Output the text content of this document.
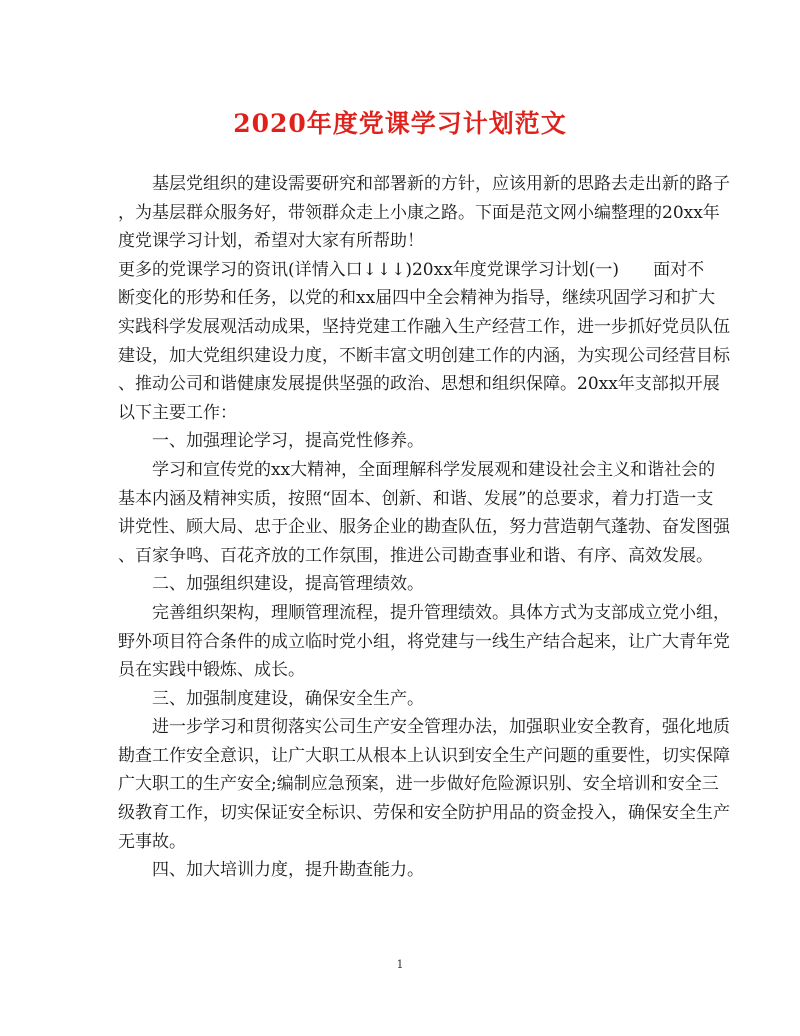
2020年度党课学习计划范文
　　基层党组织的建设需要研究和部署新的方针，应该用新的思路去走出新的路子
，为基层群众服务好，带领群众走上小康之路。下面是范文网小编整理的20xx年
度党课学习计划，希望对大家有所帮助！
更多的党课学习的资讯(详情入口↓↓↓)20xx年度党课学习计划(一)　　面对不
断变化的形势和任务，以党的和xx届四中全会精神为指导，继续巩固学习和扩大
实践科学发展观活动成果，坚持党建工作融入生产经营工作，进一步抓好党员队伍
建设，加大党组织建设力度，不断丰富文明创建工作的内涵，为实现公司经营目标
、推动公司和谐健康发展提供坚强的政治、思想和组织保障。20xx年支部拟开展
以下主要工作：
　　一、加强理论学习，提高党性修养。
　　学习和宣传党的xx大精神，全面理解科学发展观和建设社会主义和谐社会的
基本内涵及精神实质，按照“固本、创新、和谐、发展”的总要求，着力打造一支
讲党性、顾大局、忠于企业、服务企业的勘查队伍，努力营造朝气蓬勃、奋发图强
、百家争鸣、百花齐放的工作氛围，推进公司勘查事业和谐、有序、高效发展。
　　二、加强组织建设，提高管理绩效。
　　完善组织架构，理顺管理流程，提升管理绩效。具体方式为支部成立党小组，
野外项目符合条件的成立临时党小组，将党建与一线生产结合起来，让广大青年党
员在实践中锻炼、成长。
　　三、加强制度建设，确保安全生产。
　　进一步学习和贯彻落实公司生产安全管理办法，加强职业安全教育，强化地质
勘查工作安全意识，让广大职工从根本上认识到安全生产问题的重要性，切实保障
广大职工的生产安全;编制应急预案，进一步做好危险源识别、安全培训和安全三
级教育工作，切实保证安全标识、劳保和安全防护用品的资金投入，确保安全生产
无事故。
　　四、加大培训力度，提升勘查能力。
1
